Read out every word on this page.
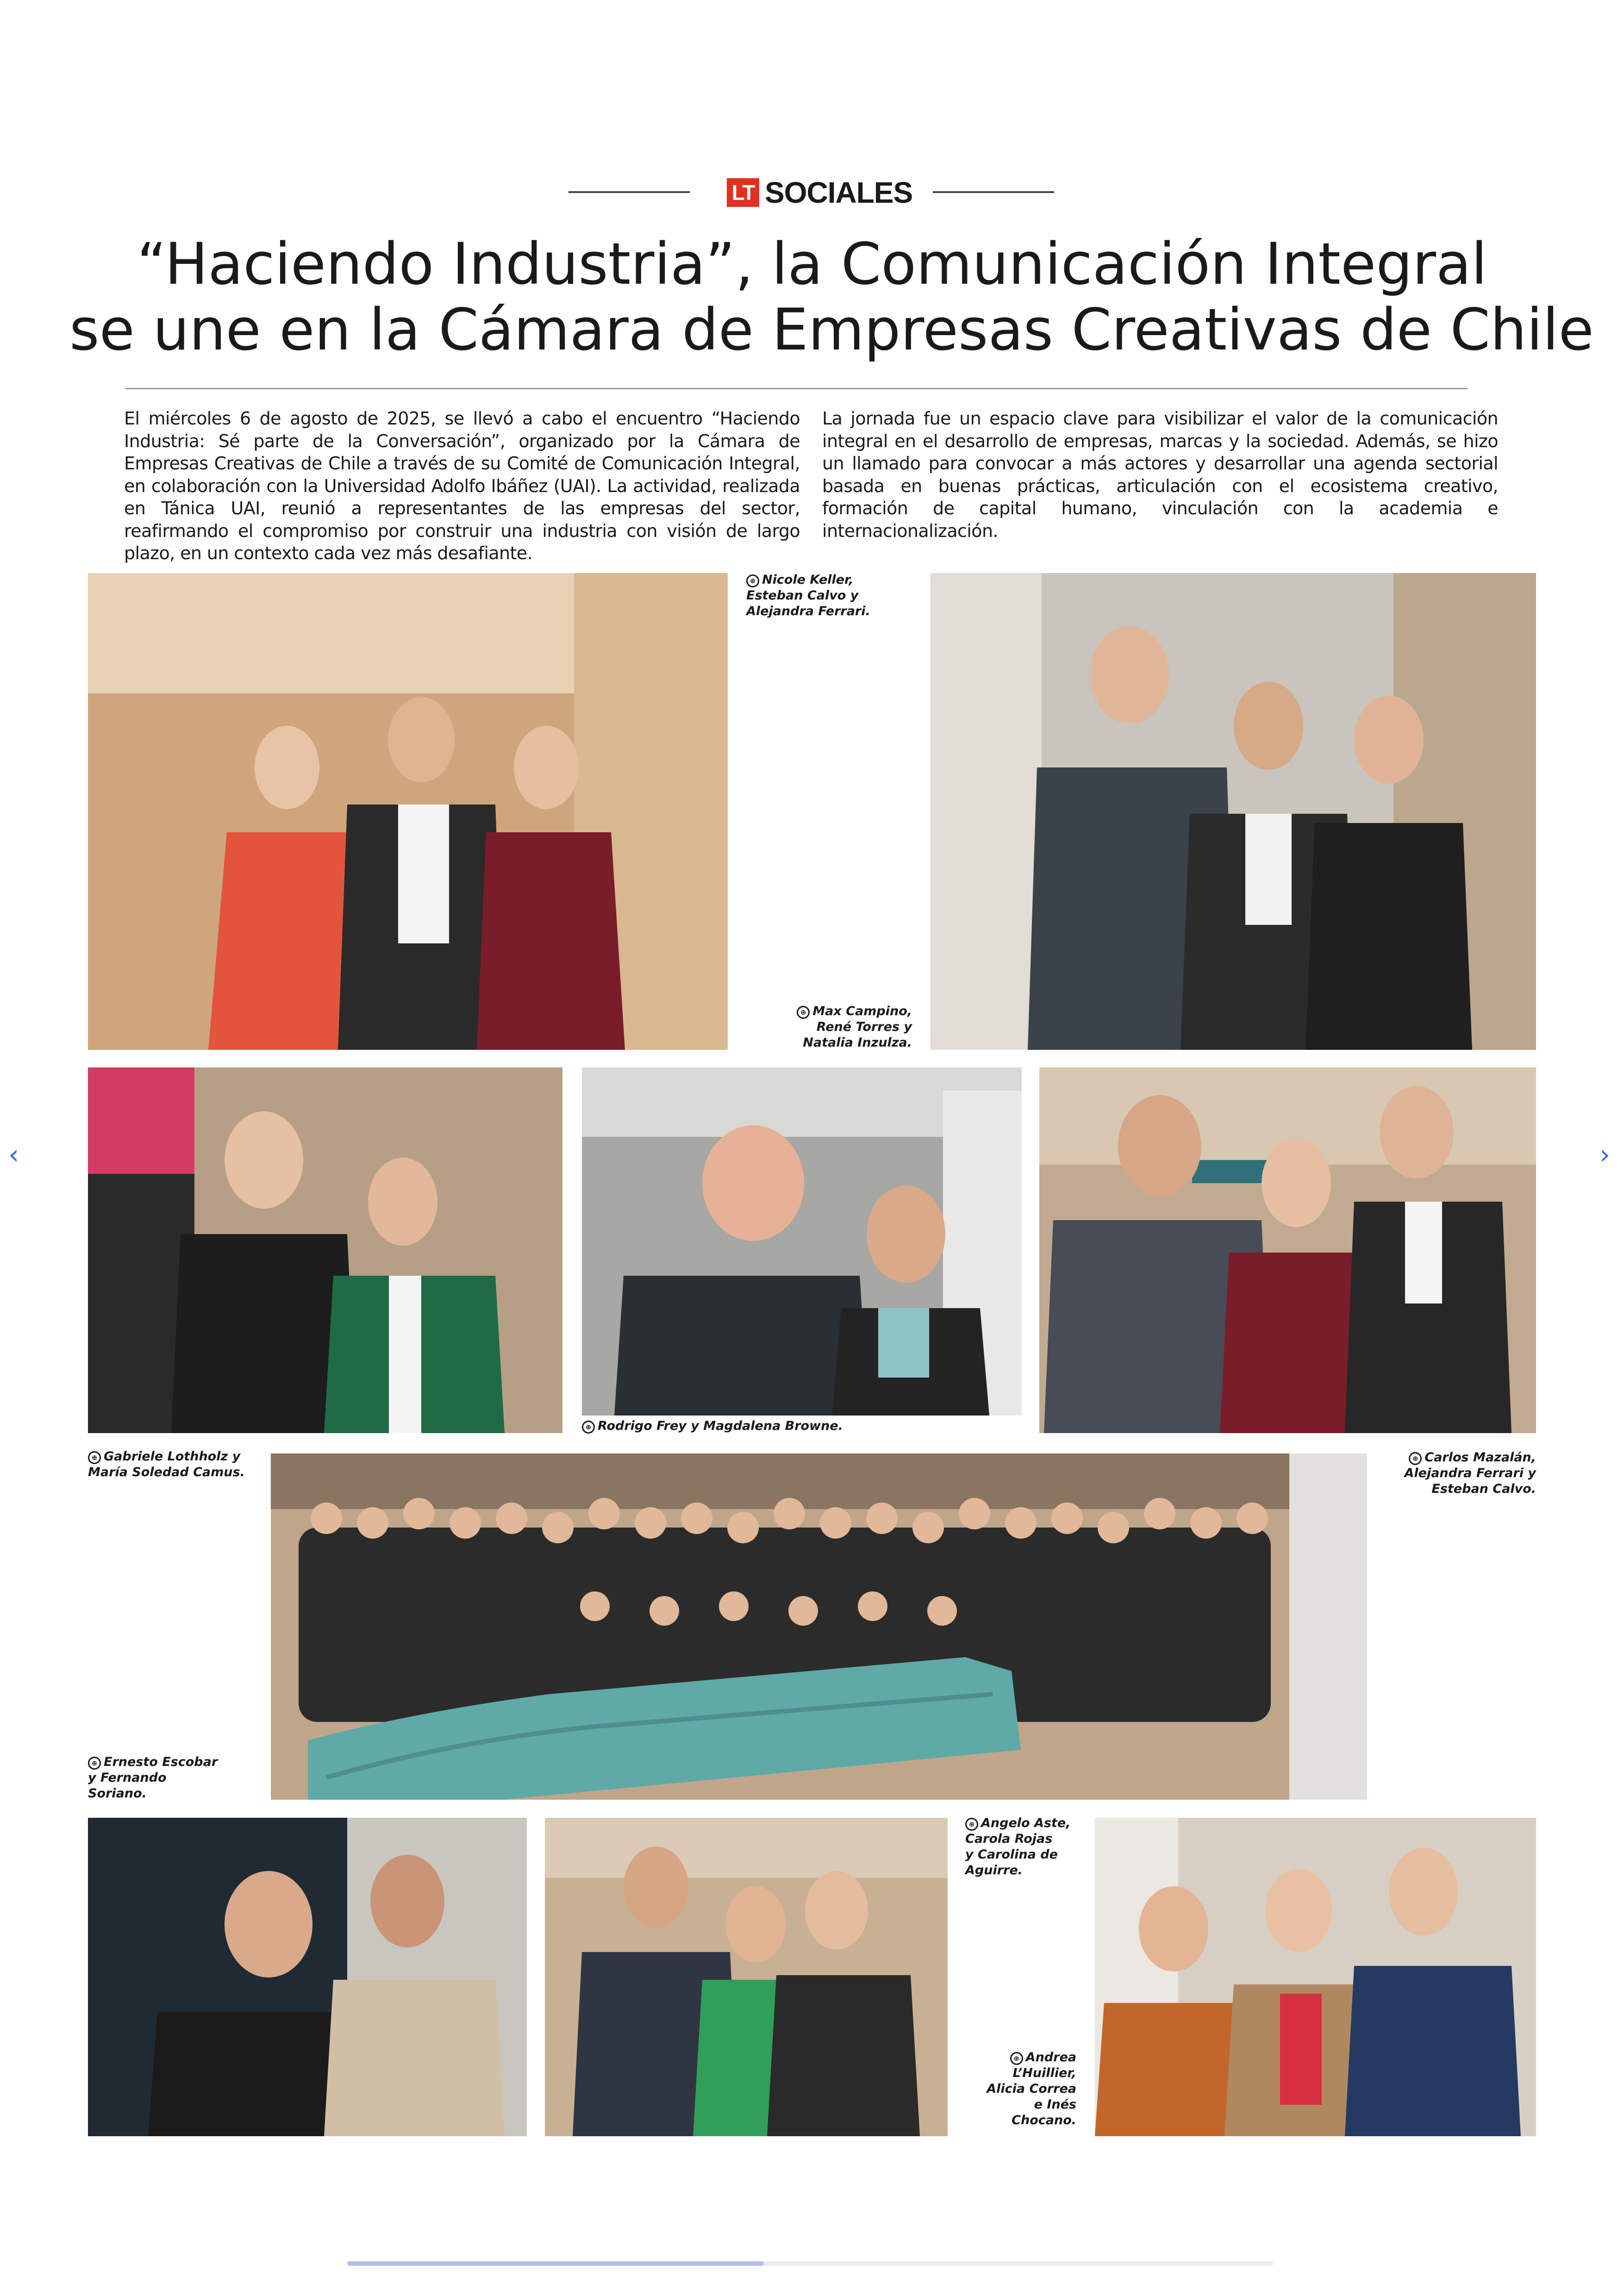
LT SOCIALES
“Haciendo Industria”, la Comunicación Integral
se une en la Cámara de Empresas Creativas de Chile
El miércoles 6 de agosto de 2025, se llevó a cabo el encuentro “Haciendo Industria: Sé parte de la Conversación”, organizado por la Cámara de Empresas Creativas de Chile a través de su Comité de Comunicación Integral, en colaboración con la Universidad Adolfo Ibáñez (UAI). La actividad, realizada en Tánica UAI, reunió a representantes de las empresas del sector, reafirmando el compromiso por construir una industria con visión de largo plazo, en un contexto cada vez más desafiante.
La jornada fue un espacio clave para visibilizar el valor de la comunicación integral en el desarrollo de empresas, marcas y la sociedad. Además, se hizo un llamado para convocar a más actores y desarrollar una agenda sectorial basada en buenas prácticas, articulación con el ecosistema creativo, formación de capital humano, vinculación con la academia e internacionalización.
⊕ Nicole Keller,
Esteban Calvo y
Alejandra Ferrari.
⊕ Max Campino,
René Torres y
Natalia Inzulza.
⊕ Gabriele Lothholz y
María Soledad Camus.
⊕ Rodrigo Frey y Magdalena Browne.
⊕ Carlos Mazalán,
Alejandra Ferrari y
Esteban Calvo.
⊕ Ernesto Escobar
y Fernando
Soriano.
⊕ Angelo Aste,
Carola Rojas
y Carolina de
Aguirre.
⊕ Andrea
L’Huillier,
Alicia Correa
e Inés
Chocano.
‹	›
